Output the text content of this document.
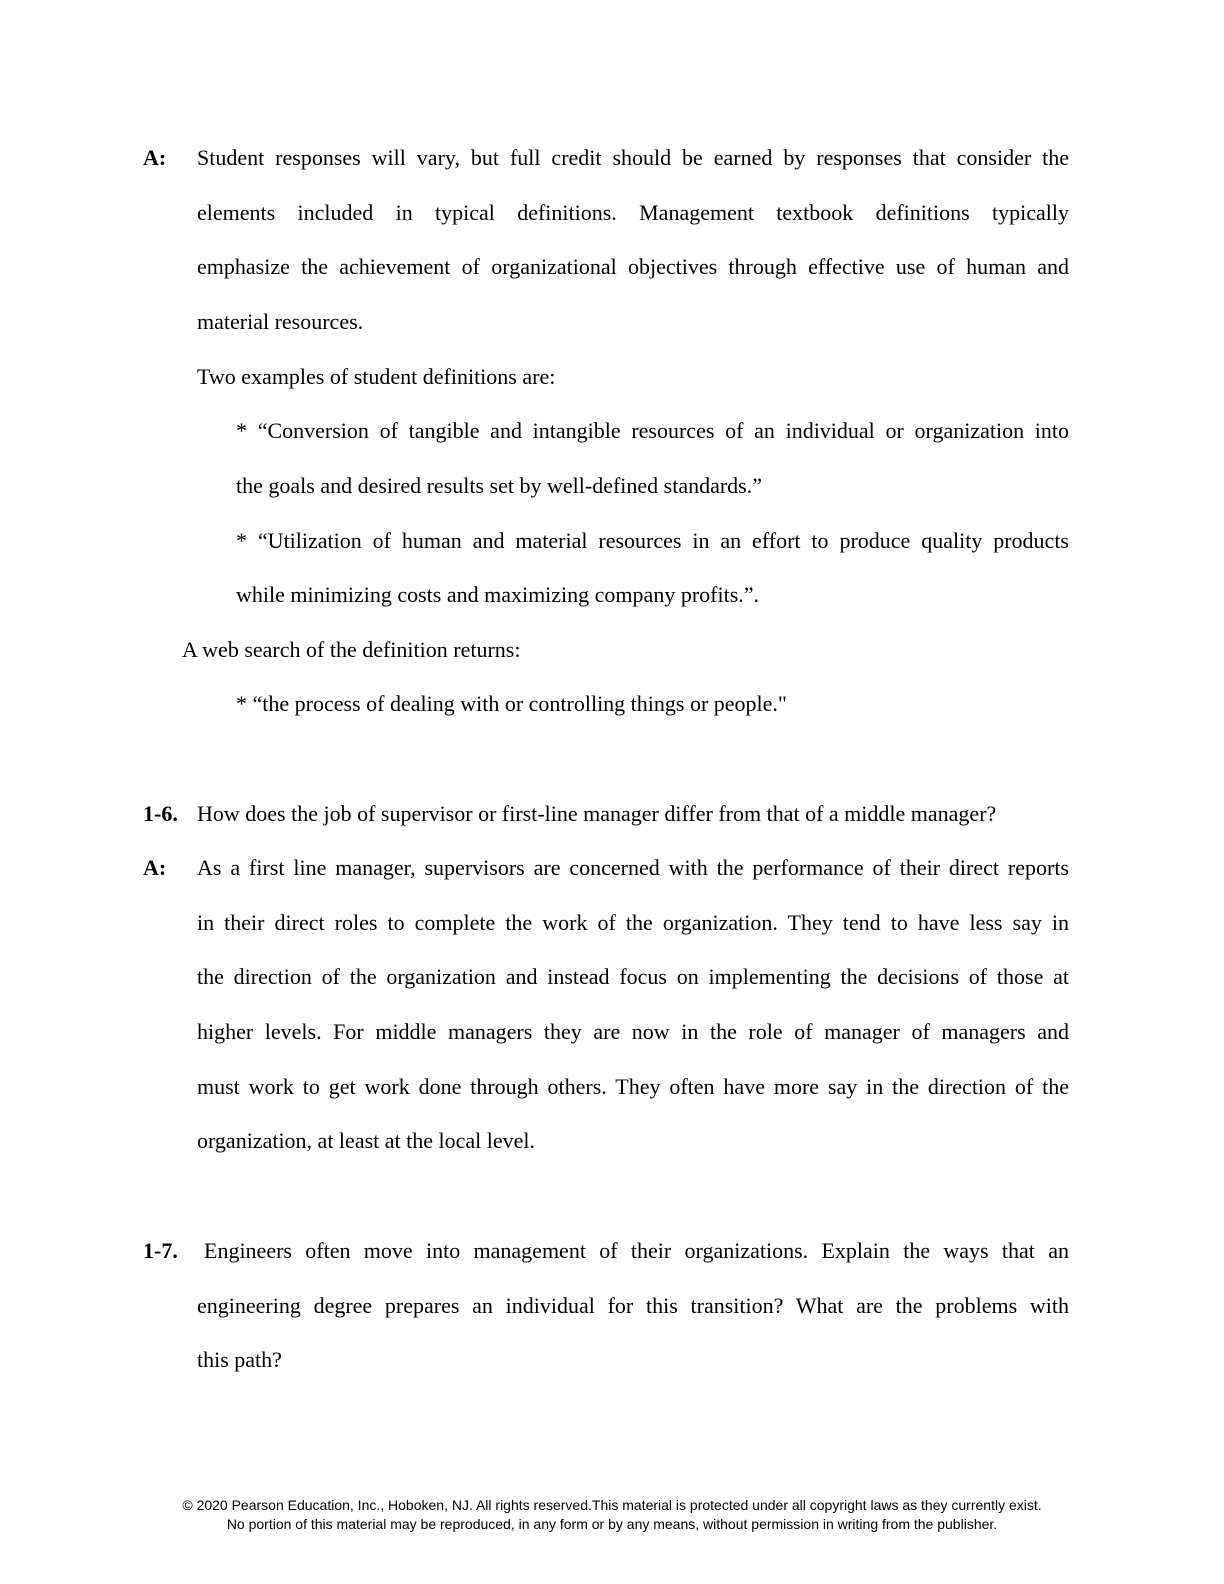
A: Student responses will vary, but full credit should be earned by responses that consider the
elements included in typical definitions. Management textbook definitions typically
emphasize the achievement of organizational objectives through effective use of human and
material resources.
Two examples of student definitions are:
* “Conversion of tangible and intangible resources of an individual or organization into
the goals and desired results set by well-defined standards.”
* “Utilization of human and material resources in an effort to produce quality products
while minimizing costs and maximizing company profits.”.
A web search of the definition returns:
* “the process of dealing with or controlling things or people."
1-6. How does the job of supervisor or first-line manager differ from that of a middle manager?
A: As a first line manager, supervisors are concerned with the performance of their direct reports
in their direct roles to complete the work of the organization. They tend to have less say in
the direction of the organization and instead focus on implementing the decisions of those at
higher levels. For middle managers they are now in the role of manager of managers and
must work to get work done through others. They often have more say in the direction of the
organization, at least at the local level.
1-7. Engineers often move into management of their organizations. Explain the ways that an
engineering degree prepares an individual for this transition? What are the problems with
this path?
© 2020 Pearson Education, Inc., Hoboken, NJ. All rights reserved.This material is protected under all copyright laws as they currently exist.
No portion of this material may be reproduced, in any form or by any means, without permission in writing from the publisher.
